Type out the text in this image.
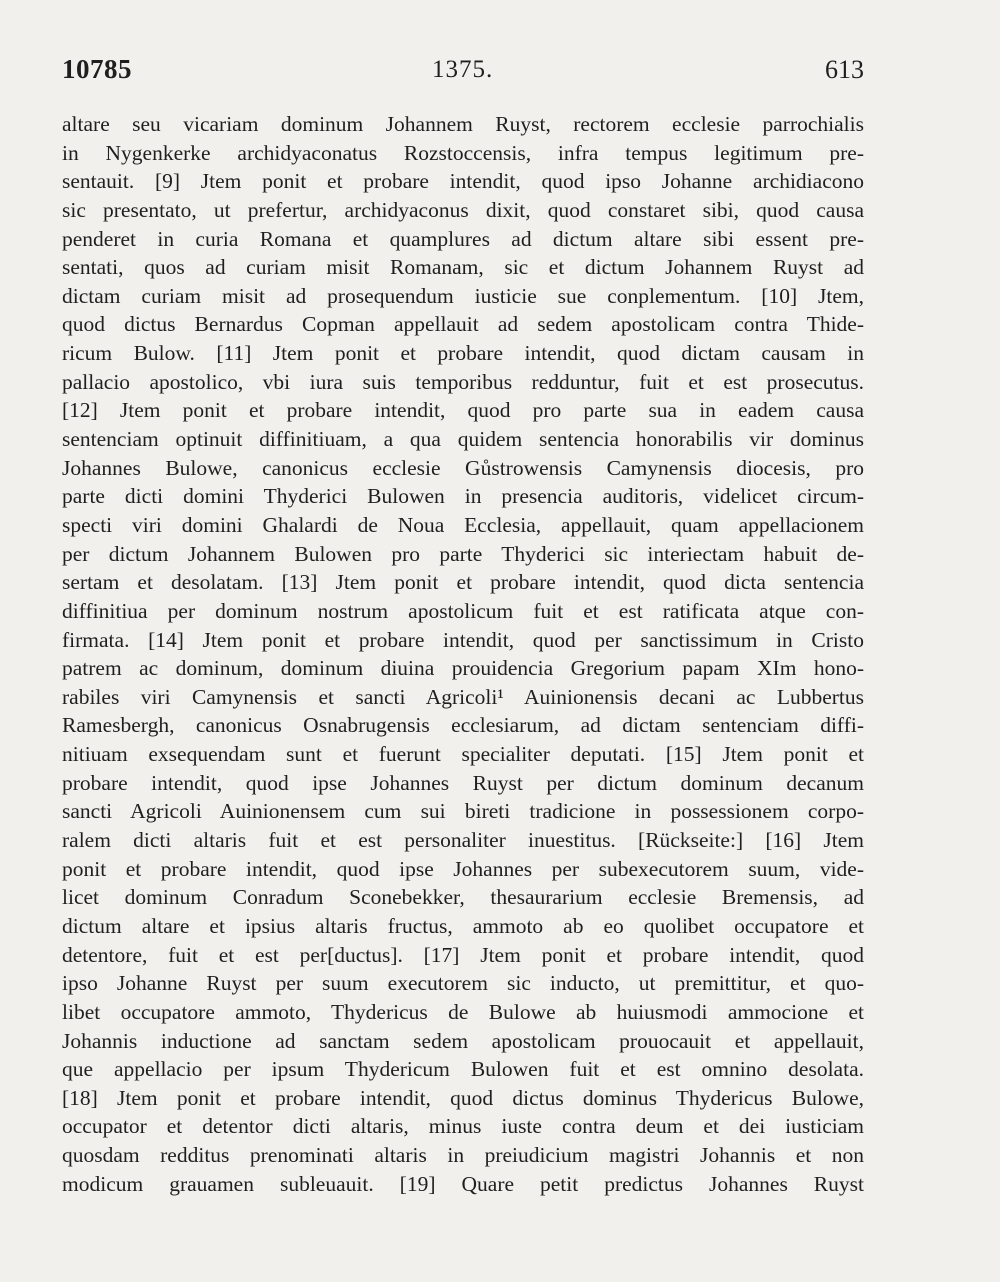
10785	1375.	613
altare seu vicariam dominum Johannem Ruyst, rectorem ecclesie parrochialis
in Nygenkerke archidyaconatus Rozstoccensis, infra tempus legitimum pre-
sentauit. [9] Jtem ponit et probare intendit, quod ipso Johanne archidiacono
sic presentato, ut prefertur, archidyaconus dixit, quod constaret sibi, quod causa
penderet in curia Romana et quamplures ad dictum altare sibi essent pre-
sentati, quos ad curiam misit Romanam, sic et dictum Johannem Ruyst ad
dictam curiam misit ad prosequendum iusticie sue conplementum. [10] Jtem,
quod dictus Bernardus Copman appellauit ad sedem apostolicam contra Thide-
ricum Bulow. [11] Jtem ponit et probare intendit, quod dictam causam in
pallacio apostolico, vbi iura suis temporibus redduntur, fuit et est prosecutus.
[12] Jtem ponit et probare intendit, quod pro parte sua in eadem causa
sentenciam optinuit diffinitiuam, a qua quidem sentencia honorabilis vir dominus
Johannes Bulowe, canonicus ecclesie Gůstrowensis Camynensis diocesis, pro
parte dicti domini Thyderici Bulowen in presencia auditoris, videlicet circum-
specti viri domini Ghalardi de Noua Ecclesia, appellauit, quam appellacionem
per dictum Johannem Bulowen pro parte Thyderici sic interiectam habuit de-
sertam et desolatam. [13] Jtem ponit et probare intendit, quod dicta sentencia
diffinitiua per dominum nostrum apostolicum fuit et est ratificata atque con-
firmata. [14] Jtem ponit et probare intendit, quod per sanctissimum in Cristo
patrem ac dominum, dominum diuina prouidencia Gregorium papam XIm hono-
rabiles viri Camynensis et sancti Agricoli¹ Auinionensis decani ac Lubbertus
Ramesbergh, canonicus Osnabrugensis ecclesiarum, ad dictam sentenciam diffi-
nitiuam exsequendam sunt et fuerunt specialiter deputati. [15] Jtem ponit et
probare intendit, quod ipse Johannes Ruyst per dictum dominum decanum
sancti Agricoli Auinionensem cum sui bireti tradicione in possessionem corpo-
ralem dicti altaris fuit et est personaliter inuestitus. [Rückseite:] [16] Jtem
ponit et probare intendit, quod ipse Johannes per subexecutorem suum, vide-
licet dominum Conradum Sconebekker, thesaurarium ecclesie Bremensis, ad
dictum altare et ipsius altaris fructus, ammoto ab eo quolibet occupatore et
detentore, fuit et est per[ductus]. [17] Jtem ponit et probare intendit, quod
ipso Johanne Ruyst per suum executorem sic inducto, ut premittitur, et quo-
libet occupatore ammoto, Thydericus de Bulowe ab huiusmodi ammocione et
Johannis inductione ad sanctam sedem apostolicam prouocauit et appellauit,
que appellacio per ipsum Thydericum Bulowen fuit et est omnino desolata.
[18] Jtem ponit et probare intendit, quod dictus dominus Thydericus Bulowe,
occupator et detentor dicti altaris, minus iuste contra deum et dei iusticiam
quosdam redditus prenominati altaris in preiudicium magistri Johannis et non
modicum grauamen subleuauit. [19] Quare petit predictus Johannes Ruyst
